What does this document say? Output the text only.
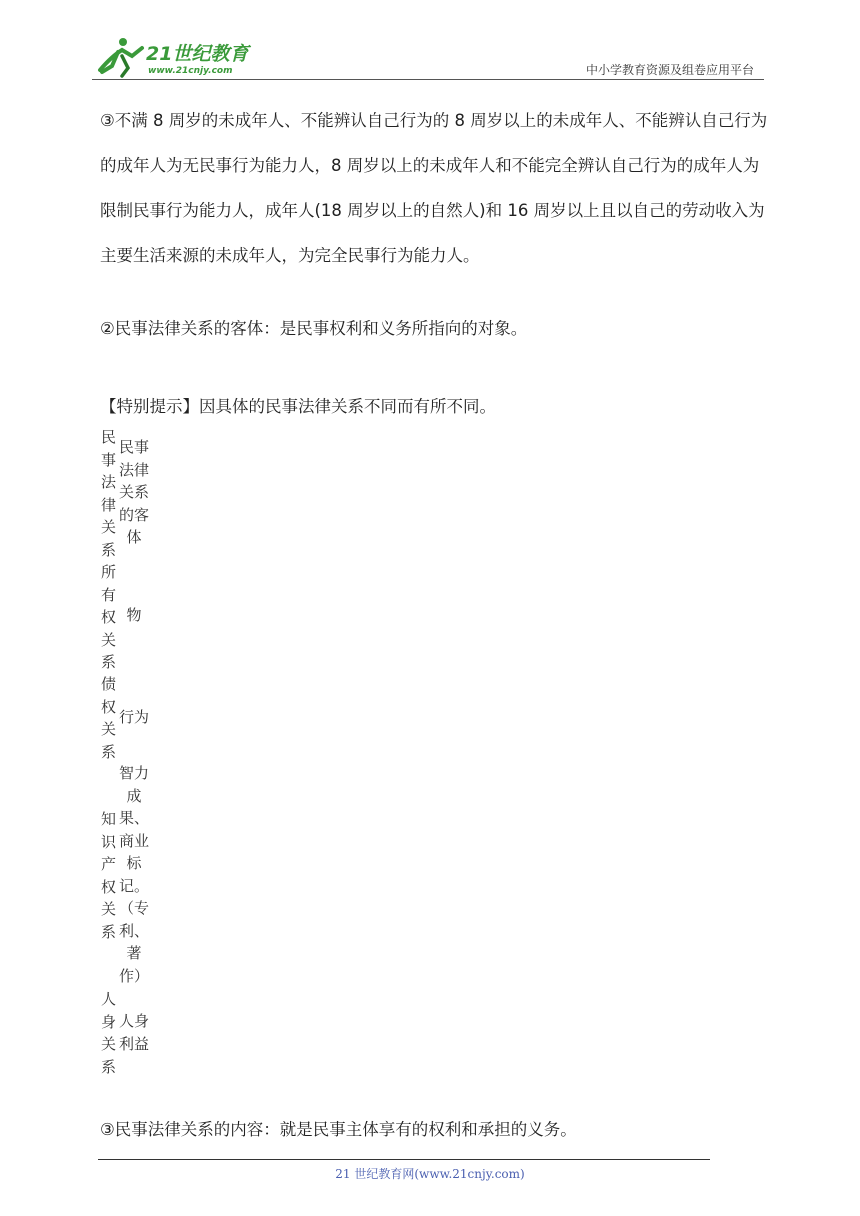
21世纪教育
www.21cnjy.com	中小学教育资源及组卷应用平台

③不满 8 周岁的未成年人、不能辨认自己行为的 8 周岁以上的未成年人、不能辨认自己行为的成年人为无民事行为能力人，8 周岁以上的未成年人和不能完全辨认自己行为的成年人为限制民事行为能力人，成年人(18 周岁以上的自然人)和 16 周岁以上且以自己的劳动收入为主要生活来源的未成年人，为完全民事行为能力人。

②民事法律关系的客体：是民事权利和义务所指向的对象。

【特别提示】因具体的民事法律关系不同而有所不同。

民事法律关系
民事法律关系的客体
所有权关系
物
债权关系
行为
知识产权关系
智力成果、商业标记。（专利、著作）
人身关系
人身利益

③民事法律关系的内容：就是民事主体享有的权利和承担的义务。

21 世纪教育网(www.21cnjy.com)
